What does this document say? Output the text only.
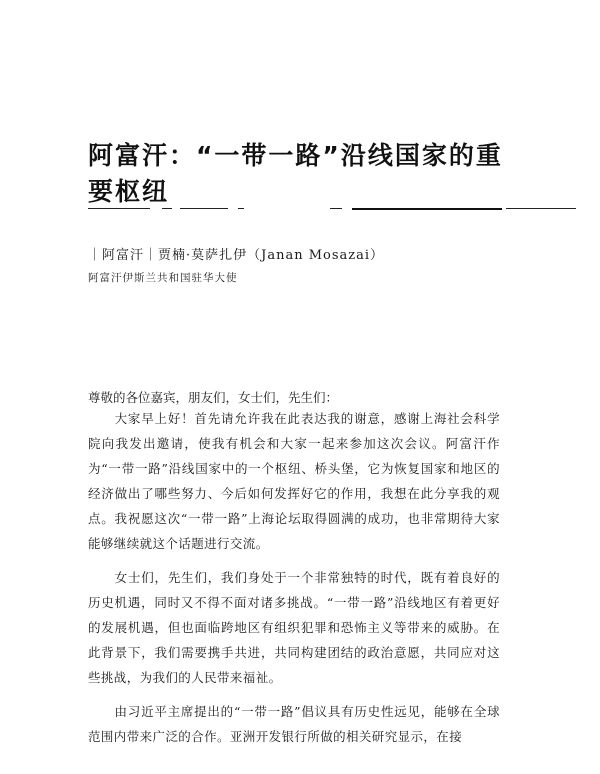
阿富汗：“一带一路”沿线国家的重要枢纽
｜阿富汗｜贾楠·莫萨扎伊（Janan Mosazai）
阿富汗伊斯兰共和国驻华大使
尊敬的各位嘉宾，朋友们，女士们，先生们：
　　大家早上好！首先请允许我在此表达我的谢意，感谢上海社会科学院向我发出邀请，使我有机会和大家一起来参加这次会议。阿富汗作为“一带一路”沿线国家中的一个枢纽、桥头堡，它为恢复国家和地区的经济做出了哪些努力、今后如何发挥好它的作用，我想在此分享我的观点。我祝愿这次“一带一路”上海论坛取得圆满的成功，也非常期待大家能够继续就这个话题进行交流。
　　女士们，先生们，我们身处于一个非常独特的时代，既有着良好的历史机遇，同时又不得不面对诸多挑战。“一带一路”沿线地区有着更好的发展机遇，但也面临跨地区有组织犯罪和恐怖主义等带来的威胁。在此背景下，我们需要携手共进，共同构建团结的政治意愿，共同应对这些挑战，为我们的人民带来福祉。
　　由习近平主席提出的“一带一路”倡议具有历史性远见，能够在全球范围内带来广泛的合作。亚洲开发银行所做的相关研究显示，在接
